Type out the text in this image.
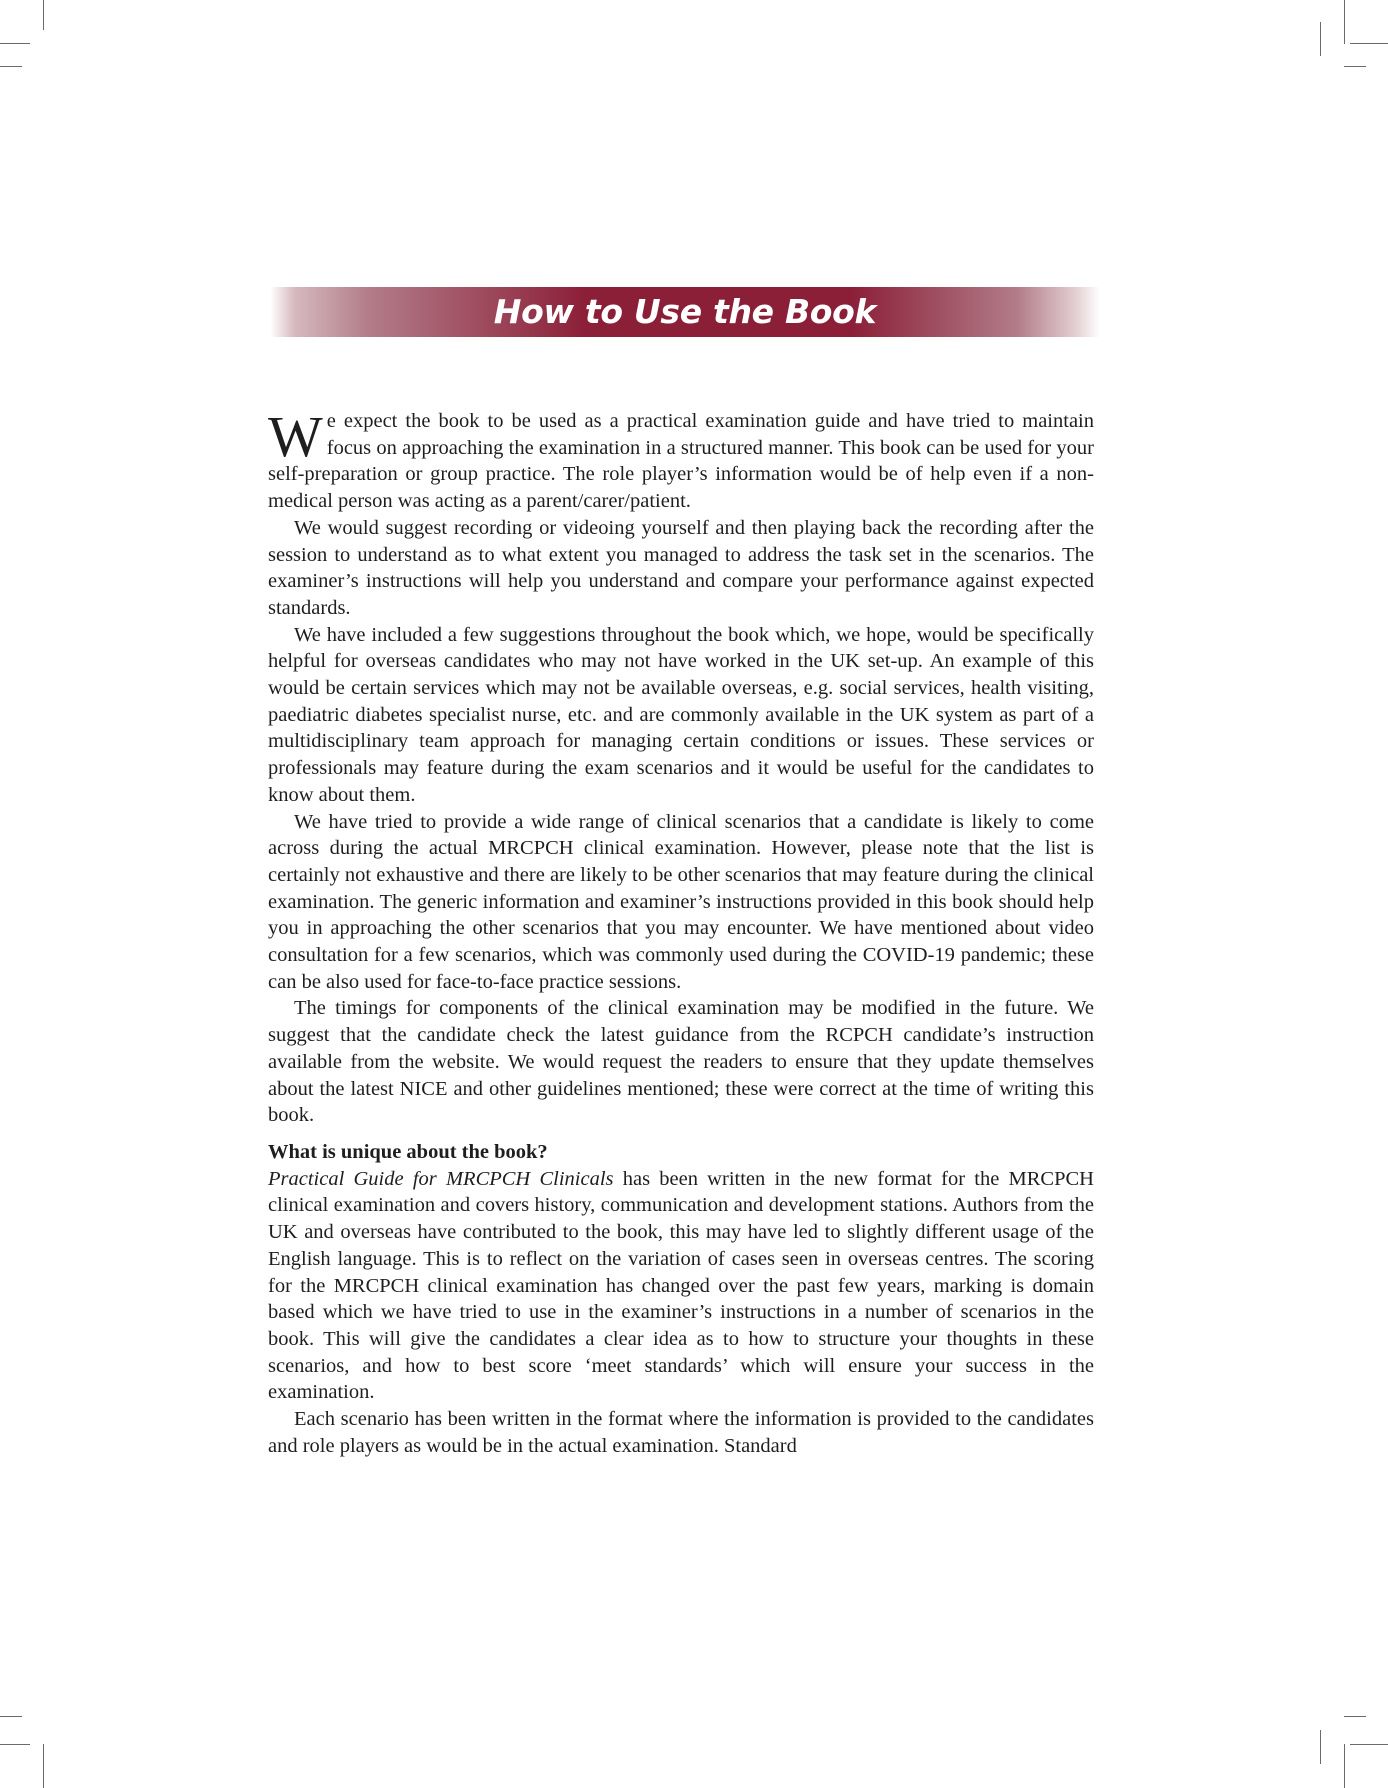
How to Use the Book

We expect the book to be used as a practical examination guide and have tried to maintain focus on approaching the examination in a structured manner. This book can be used for your self-preparation or group practice. The role player’s information would be of help even if a non-medical person was acting as a parent/carer/patient.

We would suggest recording or videoing yourself and then playing back the recording after the session to understand as to what extent you managed to address the task set in the scenarios. The examiner’s instructions will help you understand and compare your performance against expected standards.

We have included a few suggestions throughout the book which, we hope, would be specifically helpful for overseas candidates who may not have worked in the UK set-up. An example of this would be certain services which may not be available overseas, e.g. social services, health visiting, paediatric diabetes specialist nurse, etc. and are commonly available in the UK system as part of a multidisciplinary team approach for managing certain conditions or issues. These services or professionals may feature during the exam scenarios and it would be useful for the candidates to know about them.

We have tried to provide a wide range of clinical scenarios that a candidate is likely to come across during the actual MRCPCH clinical examination. However, please note that the list is certainly not exhaustive and there are likely to be other scenarios that may feature during the clinical examination. The generic information and examiner’s instructions provided in this book should help you in approaching the other scenarios that you may encounter. We have mentioned about video consultation for a few scenarios, which was commonly used during the COVID-19 pandemic; these can be also used for face-to-face practice sessions.

The timings for components of the clinical examination may be modified in the future. We suggest that the candidate check the latest guidance from the RCPCH candidate’s instruction available from the website. We would request the readers to ensure that they update themselves about the latest NICE and other guidelines mentioned; these were correct at the time of writing this book.

What is unique about the book?

Practical Guide for MRCPCH Clinicals has been written in the new format for the MRCPCH clinical examination and covers history, communication and development stations. Authors from the UK and overseas have contributed to the book, this may have led to slightly different usage of the English language. This is to reflect on the variation of cases seen in overseas centres. The scoring for the MRCPCH clinical examination has changed over the past few years, marking is domain based which we have tried to use in the examiner’s instructions in a number of scenarios in the book. This will give the candidates a clear idea as to how to structure your thoughts in these scenarios, and how to best score ‘meet standards’ which will ensure your success in the examination.

Each scenario has been written in the format where the information is provided to the candidates and role players as would be in the actual examination. Standard
